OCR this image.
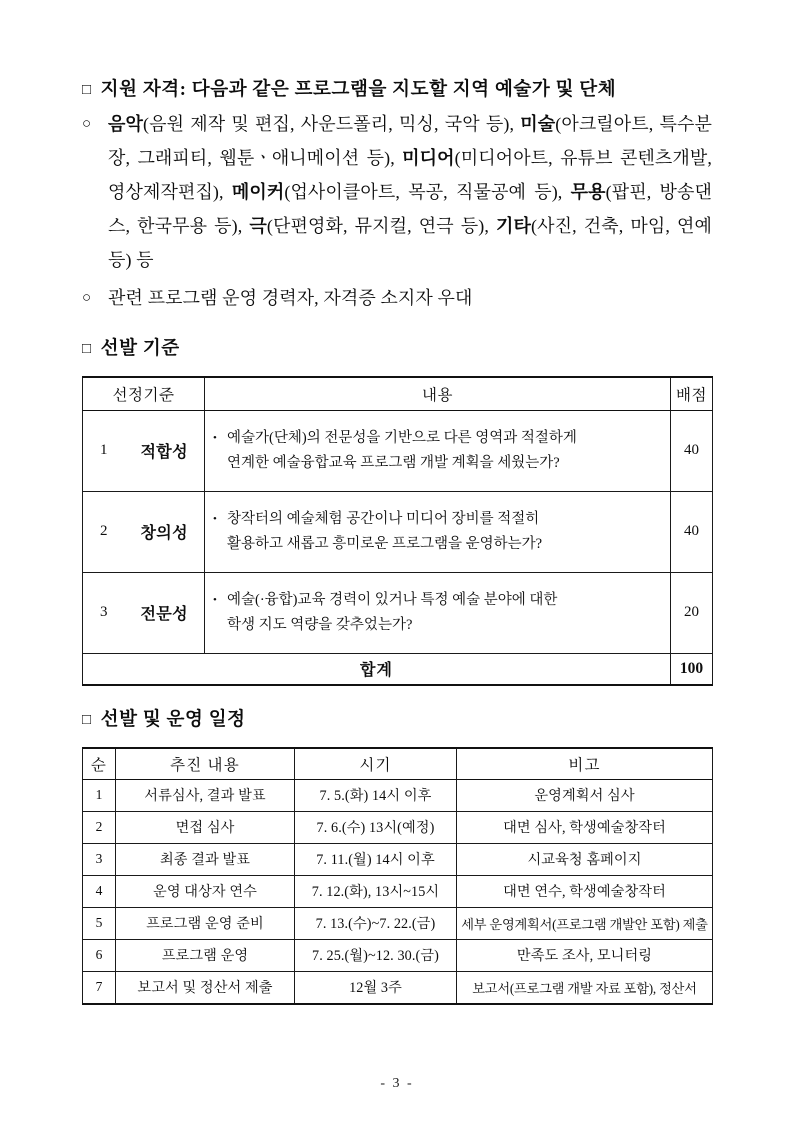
□ 지원 자격: 다음과 같은 프로그램을 지도할 지역 예술가 및 단체
○ 음악(음원 제작 및 편집, 사운드폴리, 믹싱, 국악 등), 미술(아크릴아트, 특수분장, 그래피티, 웹툰ㆍ애니메이션 등), 미디어(미디어아트, 유튜브 콘텐츠개발, 영상제작편집), 메이커(업사이클아트, 목공, 직물공예 등), 무용(팝핀, 방송댄스, 한국무용 등), 극(단편영화, 뮤지컬, 연극 등), 기타(사진, 건축, 마임, 연예 등) 등
○ 관련 프로그램 운영 경력자, 자격증 소지자 우대
□ 선발 기준
선정기준		내용	배점
1	적합성	• 예술가(단체)의 전문성을 기반으로 다른 영역과 적절하게
연계한 예술융합교육 프로그램 개발 계획을 세웠는가?	40
2	창의성	• 창작터의 예술체험 공간이나 미디어 장비를 적절히
활용하고 새롭고 흥미로운 프로그램을 운영하는가?	40
3	전문성	• 예술(·융합)교육 경력이 있거나 특정 예술 분야에 대한
학생 지도 역량을 갖추었는가?	20
합계			100
□ 선발 및 운영 일정
순	추진 내용	시기	비고
1	서류심사, 결과 발표	7. 5.(화) 14시 이후	운영계획서 심사
2	면접 심사	7. 6.(수) 13시(예정)	대면 심사, 학생예술창작터
3	최종 결과 발표	7. 11.(월) 14시 이후	시교육청 홈페이지
4	운영 대상자 연수	7. 12.(화), 13시~15시	대면 연수, 학생예술창작터
5	프로그램 운영 준비	7. 13.(수)~7. 22.(금)	세부 운영계획서(프로그램 개발안 포함) 제출
6	프로그램 운영	7. 25.(월)~12. 30.(금)	만족도 조사, 모니터링
7	보고서 및 정산서 제출	12월 3주	보고서(프로그램 개발 자료 포함), 정산서
- 3 -
